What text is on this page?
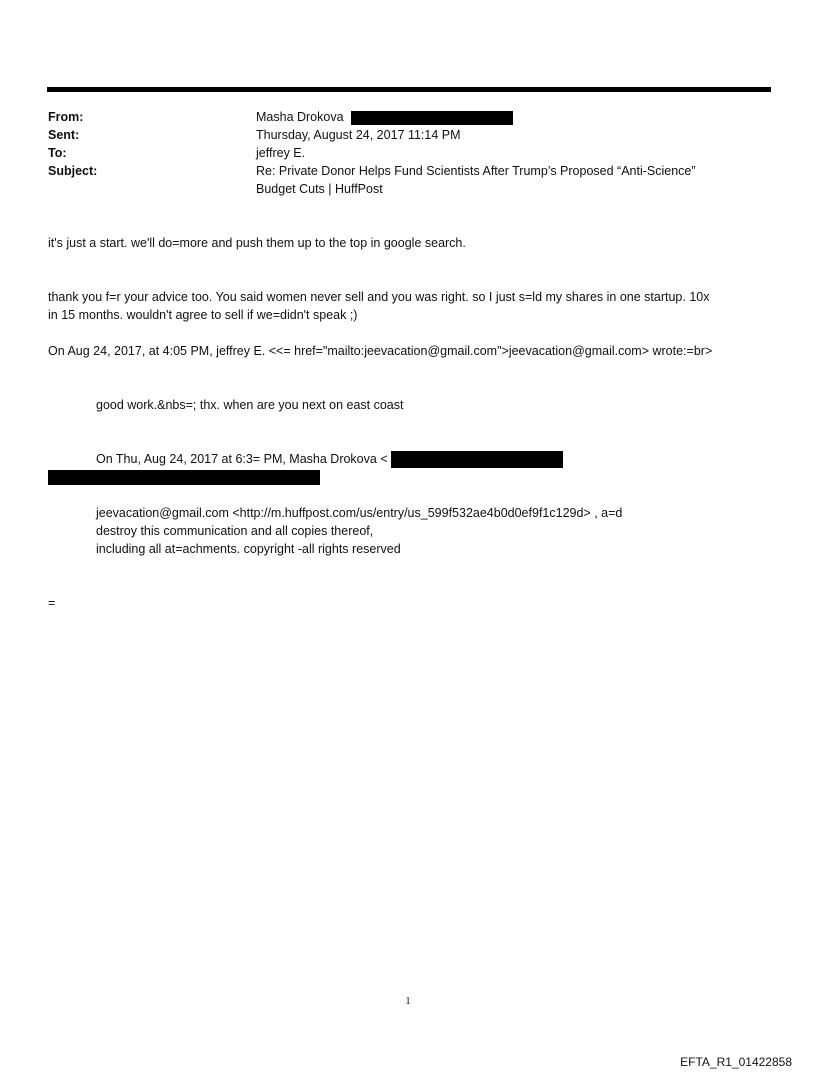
From:	Masha Drokova
Sent:	Thursday, August 24, 2017 11:14 PM
To:	jeffrey E.
Subject:	Re: Private Donor Helps Fund Scientists After Trump’s Proposed “Anti-Science”
Budget Cuts | HuffPost
it's just a start. we'll do=more and push them up to the top in google search.
thank you f=r your advice too. You said women never sell and you was right. so I just s=ld my shares in one startup. 10x
in 15 months. wouldn't agree to sell if we=didn't speak ;)
On Aug 24, 2017, at 4:05 PM, jeffrey E. <<= href="mailto:jeevacation@gmail.com">jeevacation@gmail.com> wrote:=br>
good work.&nbs=; thx. when are you next on east coast
On Thu, Aug 24, 2017 at 6:3= PM, Masha Drokova <
jeevacation@gmail.com <http://m.huffpost.com/us/entry/us_599f532ae4b0d0ef9f1c129d> , a=d
destroy this communication and all copies thereof,
including all at=achments. copyright -all rights reserved
=
1
EFTA_R1_01422858
